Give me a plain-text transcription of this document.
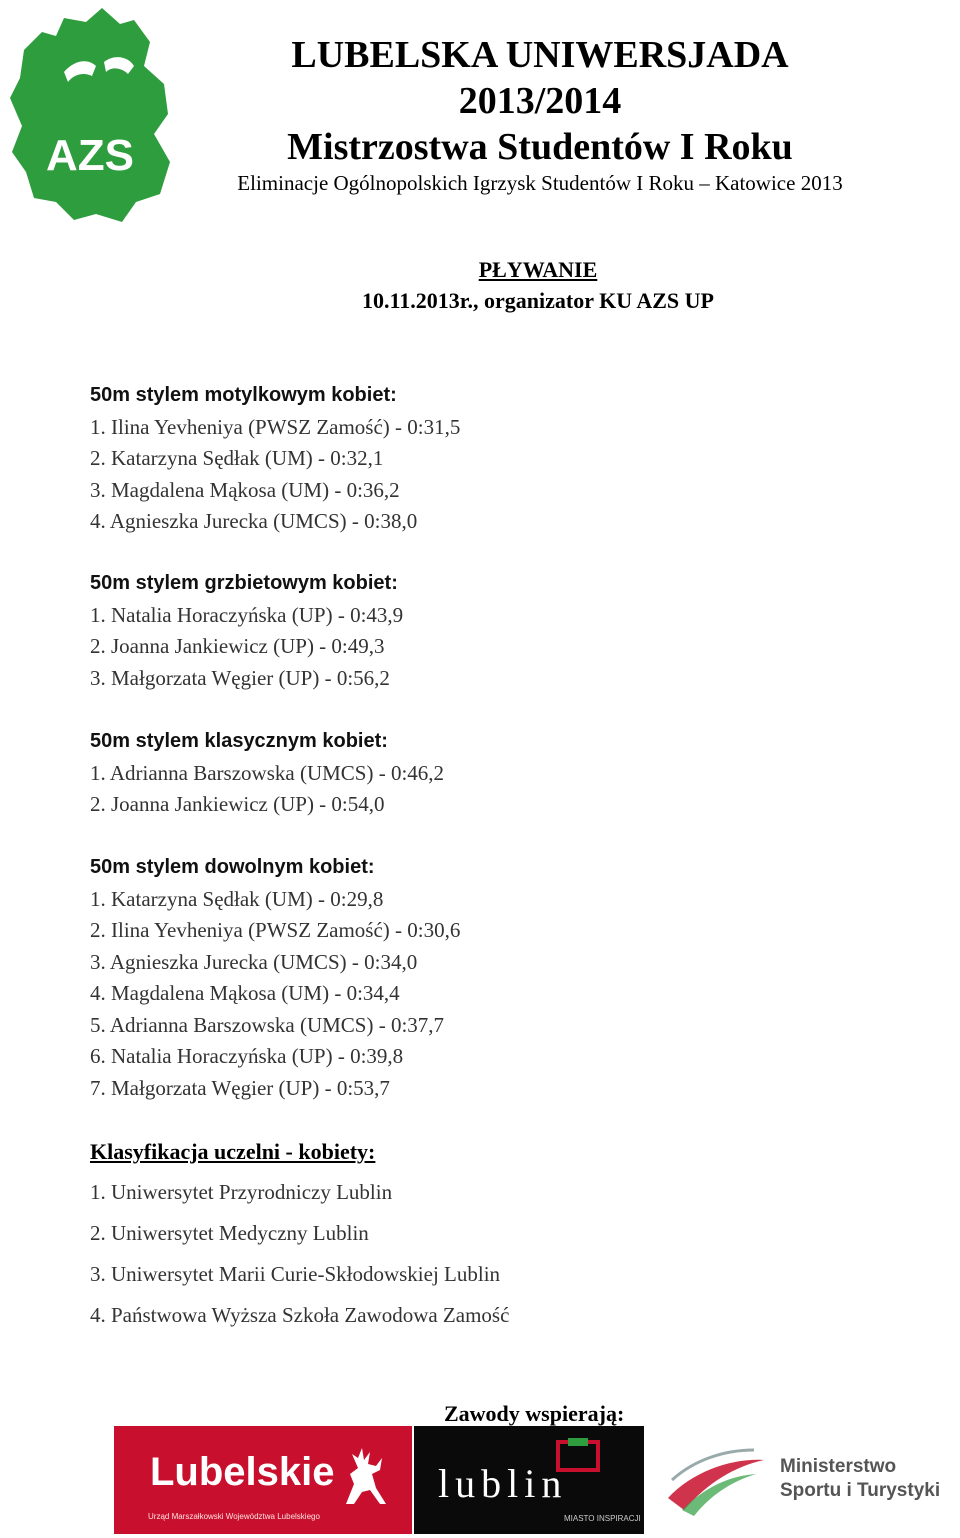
AZS
LUBELSKA UNIWERSJADA
2013/2014
Mistrzostwa Studentów I Roku
Eliminacje Ogólnopolskich Igrzysk Studentów I Roku – Katowice 2013
PŁYWANIE
10.11.2013r., organizator KU AZS UP
50m stylem motylkowym kobiet:
1. Ilina Yevheniya (PWSZ Zamość) - 0:31,5
2. Katarzyna Sędłak (UM) - 0:32,1
3. Magdalena Mąkosa (UM) - 0:36,2
4. Agnieszka Jurecka (UMCS) - 0:38,0
50m stylem grzbietowym kobiet:
1. Natalia Horaczyńska (UP) - 0:43,9
2. Joanna Jankiewicz (UP) - 0:49,3
3. Małgorzata Węgier (UP) - 0:56,2
50m stylem klasycznym kobiet:
1. Adrianna Barszowska (UMCS) - 0:46,2
2. Joanna Jankiewicz (UP) - 0:54,0
50m stylem dowolnym kobiet:
1. Katarzyna Sędłak (UM) - 0:29,8
2. Ilina Yevheniya (PWSZ Zamość) - 0:30,6
3. Agnieszka Jurecka (UMCS) - 0:34,0
4. Magdalena Mąkosa (UM) - 0:34,4
5. Adrianna Barszowska (UMCS) - 0:37,7
6. Natalia Horaczyńska (UP) - 0:39,8
7. Małgorzata Węgier (UP) - 0:53,7
Klasyfikacja uczelni - kobiety:
1. Uniwersytet Przyrodniczy Lublin
2. Uniwersytet Medyczny Lublin
3. Uniwersytet Marii Curie-Skłodowskiej Lublin
4. Państwowa Wyższa Szkoła Zawodowa Zamość
Zawody wspierają:
Lubelskie
Urząd Marszałkowski Województwa Lubelskiego
lublin
MIASTO INSPIRACJI
Ministerstwo
Sportu i Turystyki
